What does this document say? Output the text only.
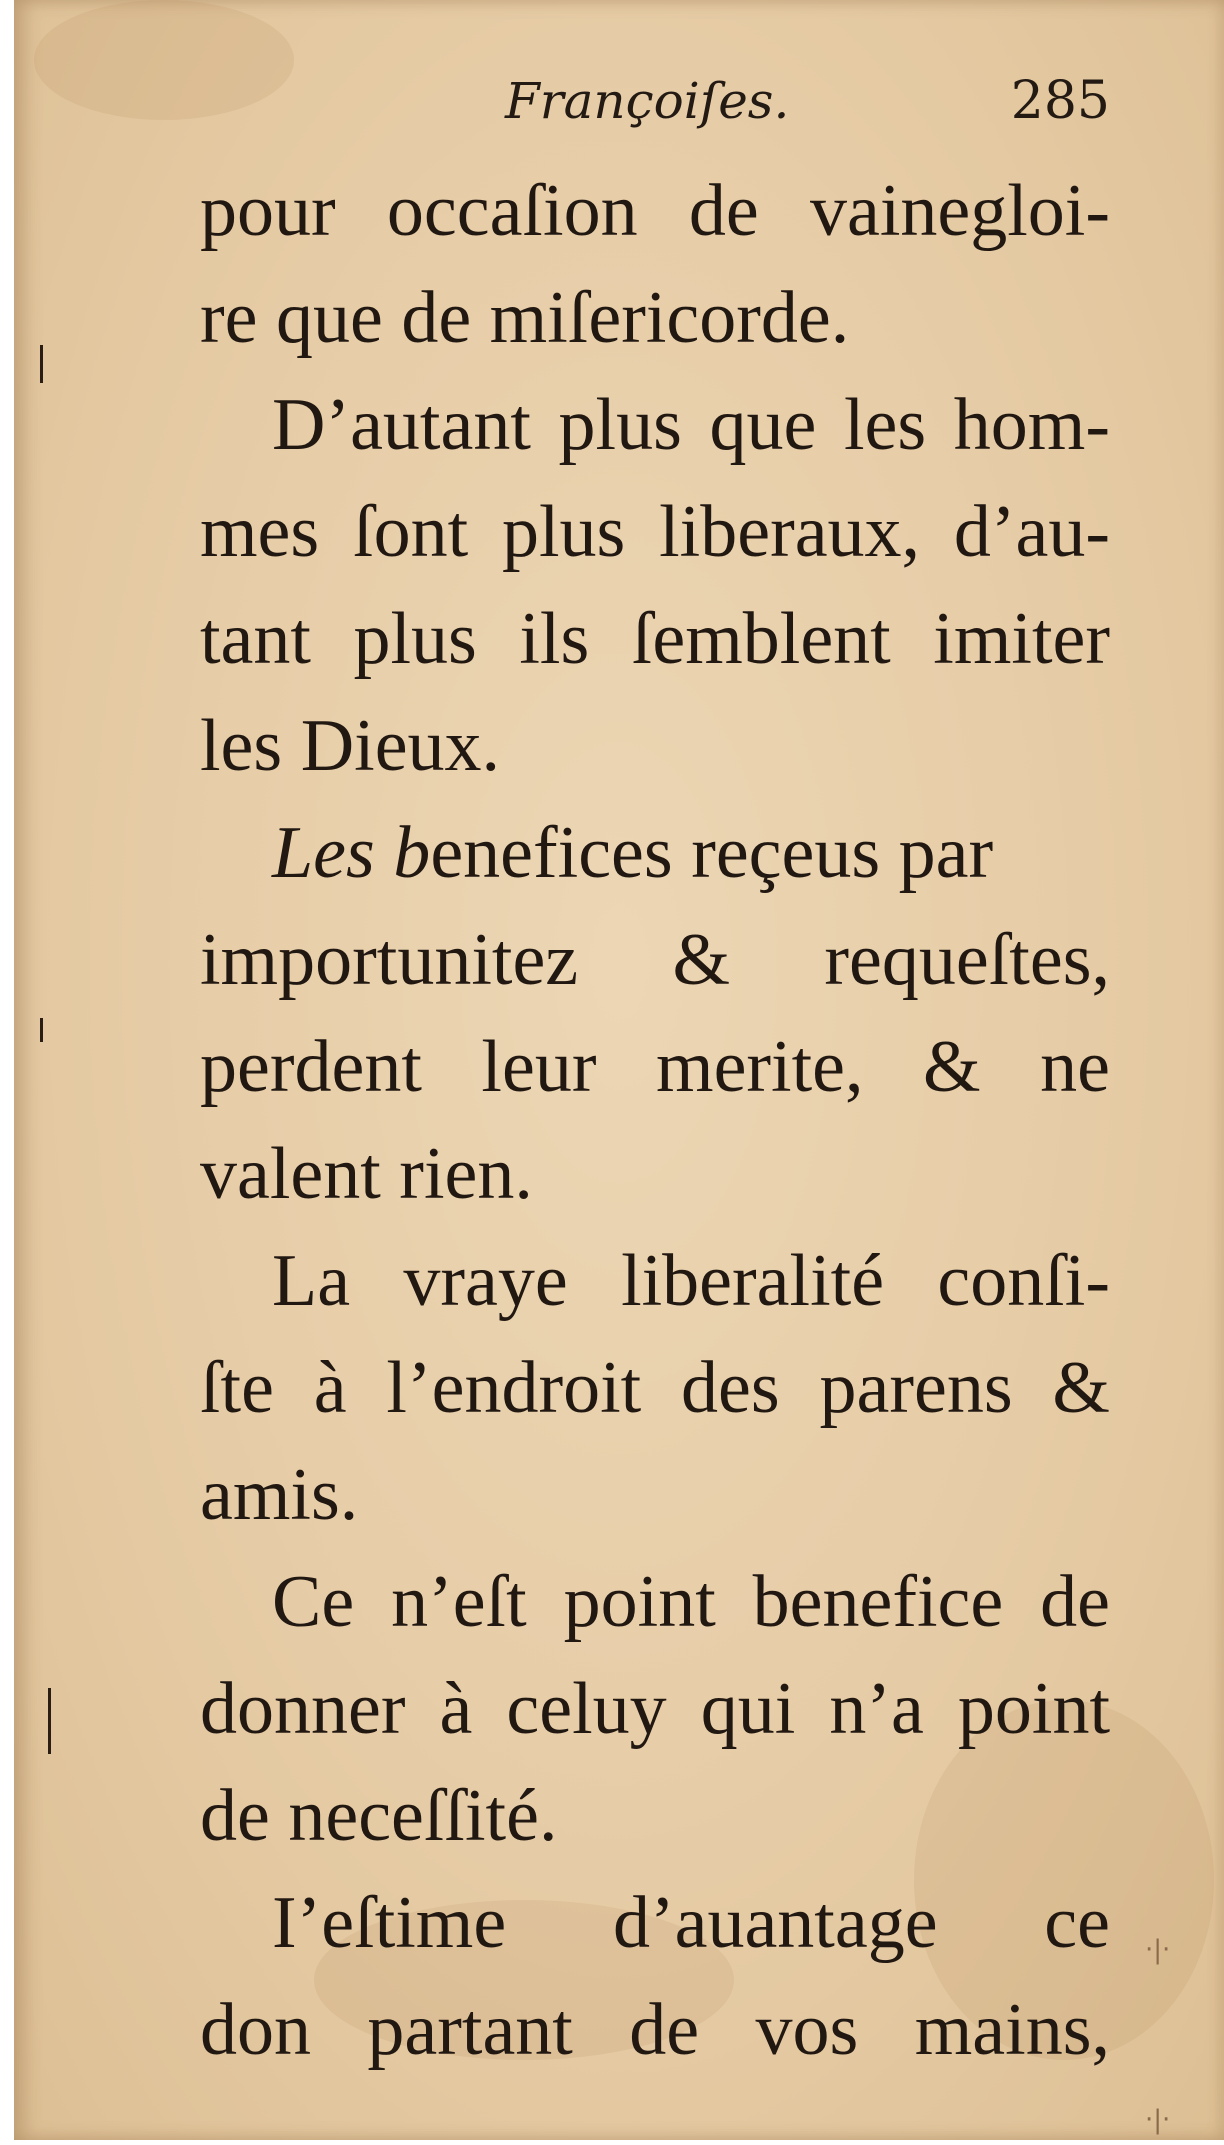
·|·
·|·
Françoiſes.	285
pour occaſion de vainegloi-
re que de miſericorde.
D’autant plus que les hom-
mes ſont plus liberaux, d’au-
tant plus ils ſemblent imiter
les Dieux.
Les benefices reçeus par
importunitez & requeſtes,
perdent leur merite, & ne
valent rien.
La vraye liberalité conſi-
ſte à l’endroit des parens &
amis.
Ce n’eſt point benefice de
donner à celuy qui n’a point
de neceſſité.
I’eſtime d’auantage ce
don partant de vos mains,
